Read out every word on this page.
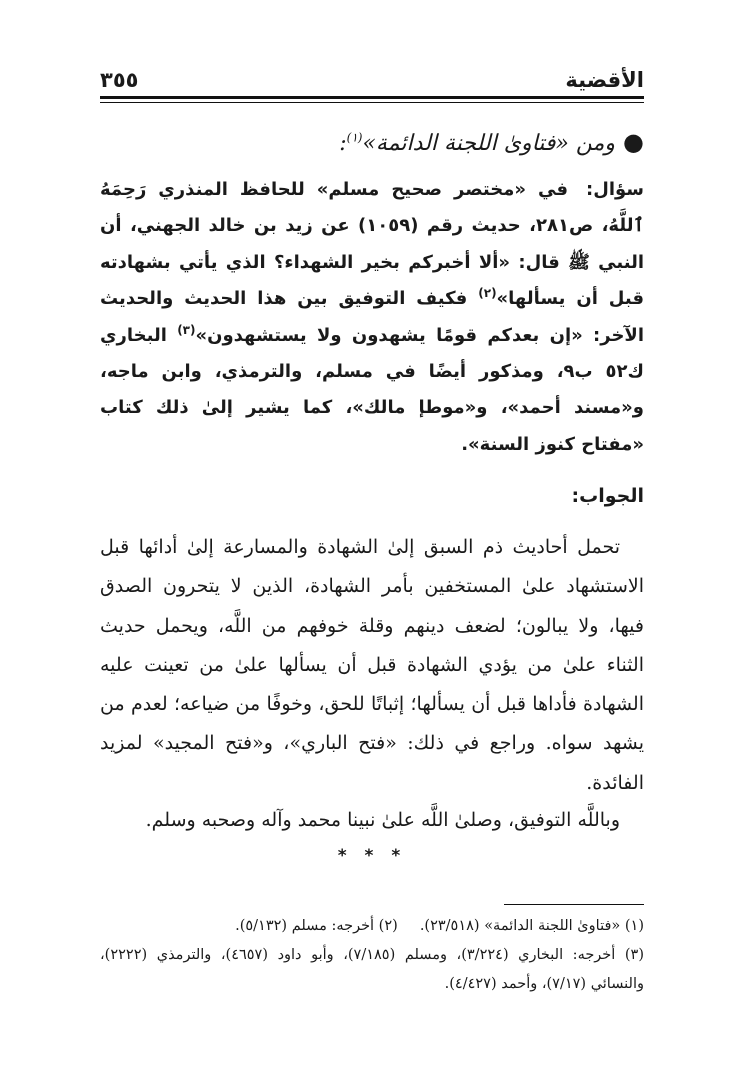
الأقضية
٣٥٥
●ومن «فتاوىٰ اللجنة الدائمة»$^{(١)}$:
سؤال: في «مختصر صحيح مسلم» للحافظ المنذري رَحِمَهُ ٱللَّهُ، ص٢٨١، حديث رقم (١٠٥٩) عن زيد بن خالد الجهني، أن النبي ﷺ قال: «ألا أخبركم بخير الشهداء؟ الذي يأتي بشهادته قبل أن يسألها»$^{(٢)}$ فكيف التوفيق بين هذا الحديث والحديث الآخر: «إن بعدكم قومًا يشهدون ولا يستشهدون»$^{(٣)}$ البخاري ك٥٢ ب٩، ومذكور أيضًا في مسلم، والترمذي، وابن ماجه، و«مسند أحمد»، و«موطإ مالك»، كما يشير إلىٰ ذلك كتاب «مفتاح كنوز السنة».
الجواب:
تحمل أحاديث ذم السبق إلىٰ الشهادة والمسارعة إلىٰ أدائها قبل الاستشهاد علىٰ المستخفين بأمر الشهادة، الذين لا يتحرون الصدق فيها، ولا يبالون؛ لضعف دينهم وقلة خوفهم من اللَّه، ويحمل حديث الثناء علىٰ من يؤدي الشهادة قبل أن يسألها علىٰ من تعينت عليه الشهادة فأداها قبل أن يسألها؛ إثباتًا للحق، وخوفًا من ضياعه؛ لعدم من يشهد سواه. وراجع في ذلك: «فتح الباري»، و«فتح المجيد» لمزيد الفائدة.
وباللَّه التوفيق، وصلىٰ اللَّه علىٰ نبينا محمد وآله وصحبه وسلم.
* * *
(١) «فتاوىٰ اللجنة الدائمة» (٢٣/٥١٨).(٢) أخرجه: مسلم (٥/١٣٢).
(٣) أخرجه: البخاري (٣/٢٢٤)، ومسلم (٧/١٨٥)، وأبو داود (٤٦٥٧)، والترمذي (٢٢٢٢)، والنسائي (٧/١٧)، وأحمد (٤/٤٢٧).
